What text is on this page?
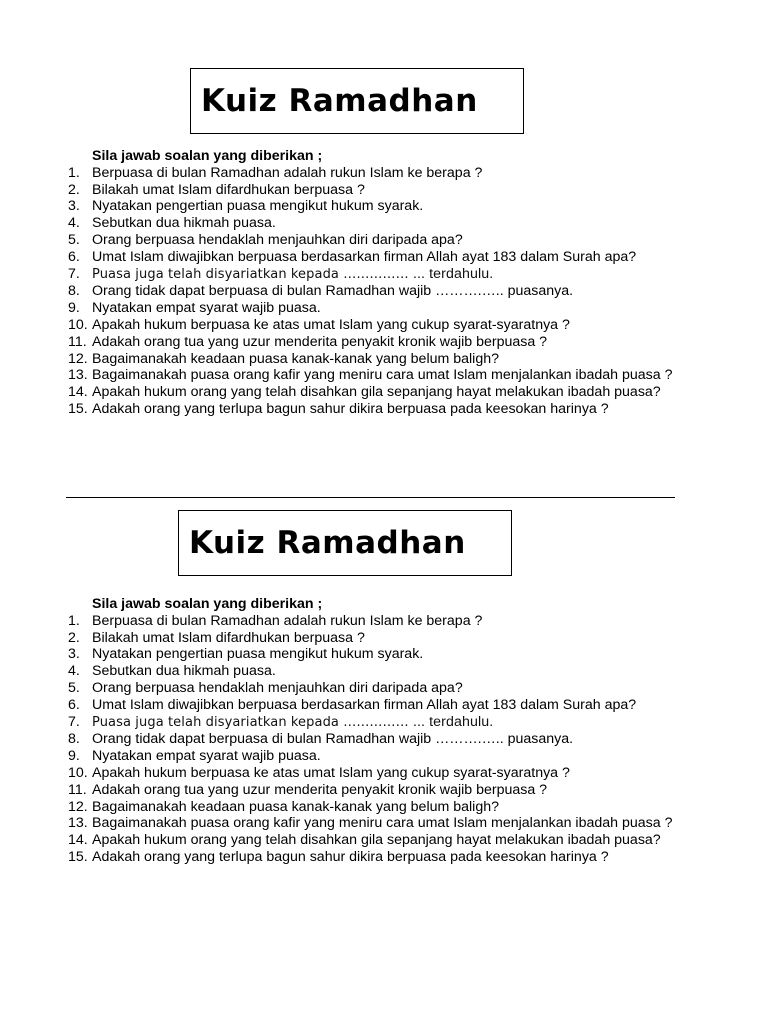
Kuiz Ramadhan

Sila jawab soalan yang diberikan ;

1. Berpuasa di bulan Ramadhan adalah rukun Islam ke berapa ?
2. Bilakah umat Islam difardhukan berpuasa ?
3. Nyatakan pengertian puasa mengikut hukum syarak.
4. Sebutkan dua hikmah puasa.
5. Orang berpuasa hendaklah menjauhkan diri daripada apa?
6. Umat Islam diwajibkan berpuasa berdasarkan firman Allah ayat 183 dalam Surah apa?
7. Puasa juga telah disyariatkan kepada …………… ... terdahulu.
8. Orang tidak dapat berpuasa di bulan Ramadhan wajib ……….….. puasanya.
9. Nyatakan empat syarat wajib puasa.
10. Apakah hukum berpuasa ke atas umat Islam yang cukup syarat-syaratnya ?
11. Adakah orang tua yang uzur menderita penyakit kronik wajib berpuasa ?
12. Bagaimanakah keadaan puasa kanak-kanak yang belum baligh?
13. Bagaimanakah puasa orang kafir yang meniru cara umat Islam menjalankan ibadah puasa ?
14. Apakah hukum orang yang telah disahkan gila sepanjang hayat melakukan ibadah puasa?
15. Adakah orang yang terlupa bagun sahur dikira berpuasa pada keesokan harinya ?
Kuiz Ramadhan

Sila jawab soalan yang diberikan ;

1. Berpuasa di bulan Ramadhan adalah rukun Islam ke berapa ?
2. Bilakah umat Islam difardhukan berpuasa ?
3. Nyatakan pengertian puasa mengikut hukum syarak.
4. Sebutkan dua hikmah puasa.
5. Orang berpuasa hendaklah menjauhkan diri daripada apa?
6. Umat Islam diwajibkan berpuasa berdasarkan firman Allah ayat 183 dalam Surah apa?
7. Puasa juga telah disyariatkan kepada …………… ... terdahulu.
8. Orang tidak dapat berpuasa di bulan Ramadhan wajib ……….….. puasanya.
9. Nyatakan empat syarat wajib puasa.
10. Apakah hukum berpuasa ke atas umat Islam yang cukup syarat-syaratnya ?
11. Adakah orang tua yang uzur menderita penyakit kronik wajib berpuasa ?
12. Bagaimanakah keadaan puasa kanak-kanak yang belum baligh?
13. Bagaimanakah puasa orang kafir yang meniru cara umat Islam menjalankan ibadah puasa ?
14. Apakah hukum orang yang telah disahkan gila sepanjang hayat melakukan ibadah puasa?
15. Adakah orang yang terlupa bagun sahur dikira berpuasa pada keesokan harinya ?
